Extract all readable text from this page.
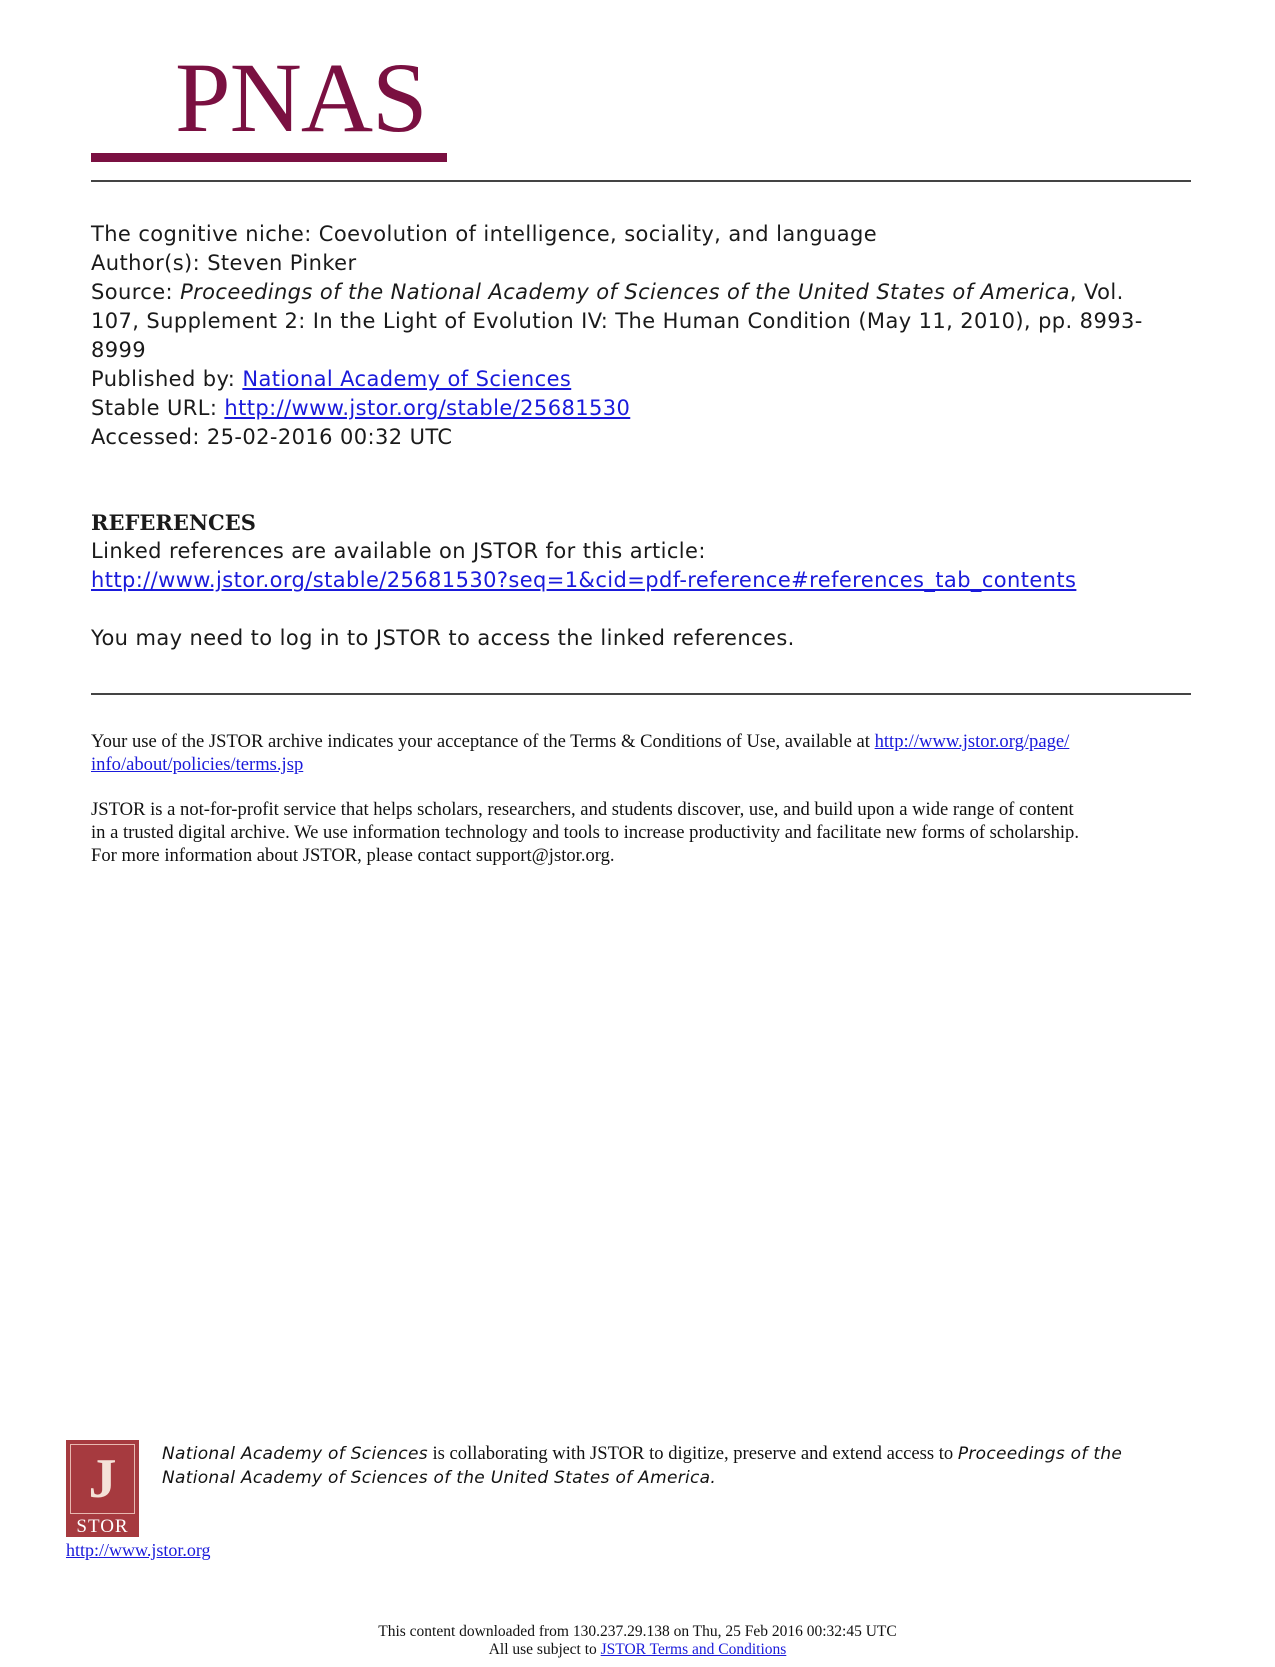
PNAS
The cognitive niche: Coevolution of intelligence, sociality, and language
Author(s): Steven Pinker
Source: Proceedings of the National Academy of Sciences of the United States of America, Vol.
107, Supplement 2: In the Light of Evolution IV: The Human Condition (May 11, 2010), pp. 8993-
8999
Published by: National Academy of Sciences
Stable URL: http://www.jstor.org/stable/25681530
Accessed: 25-02-2016 00:32 UTC
REFERENCES
Linked references are available on JSTOR for this article:
http://www.jstor.org/stable/25681530?seq=1&cid=pdf-reference#references_tab_contents
You may need to log in to JSTOR to access the linked references.

Your use of the JSTOR archive indicates your acceptance of the Terms & Conditions of Use, available at http://www.jstor.org/page/
info/about/policies/terms.jsp

JSTOR is a not-for-profit service that helps scholars, researchers, and students discover, use, and build upon a wide range of content
in a trusted digital archive. We use information technology and tools to increase productivity and facilitate new forms of scholarship.
For more information about JSTOR, please contact support@jstor.org.

J
STOR
National Academy of Sciences is collaborating with JSTOR to digitize, preserve and extend access to Proceedings of the
National Academy of Sciences of the United States of America.
http://www.jstor.org
This content downloaded from 130.237.29.138 on Thu, 25 Feb 2016 00:32:45 UTC
All use subject to JSTOR Terms and Conditions
